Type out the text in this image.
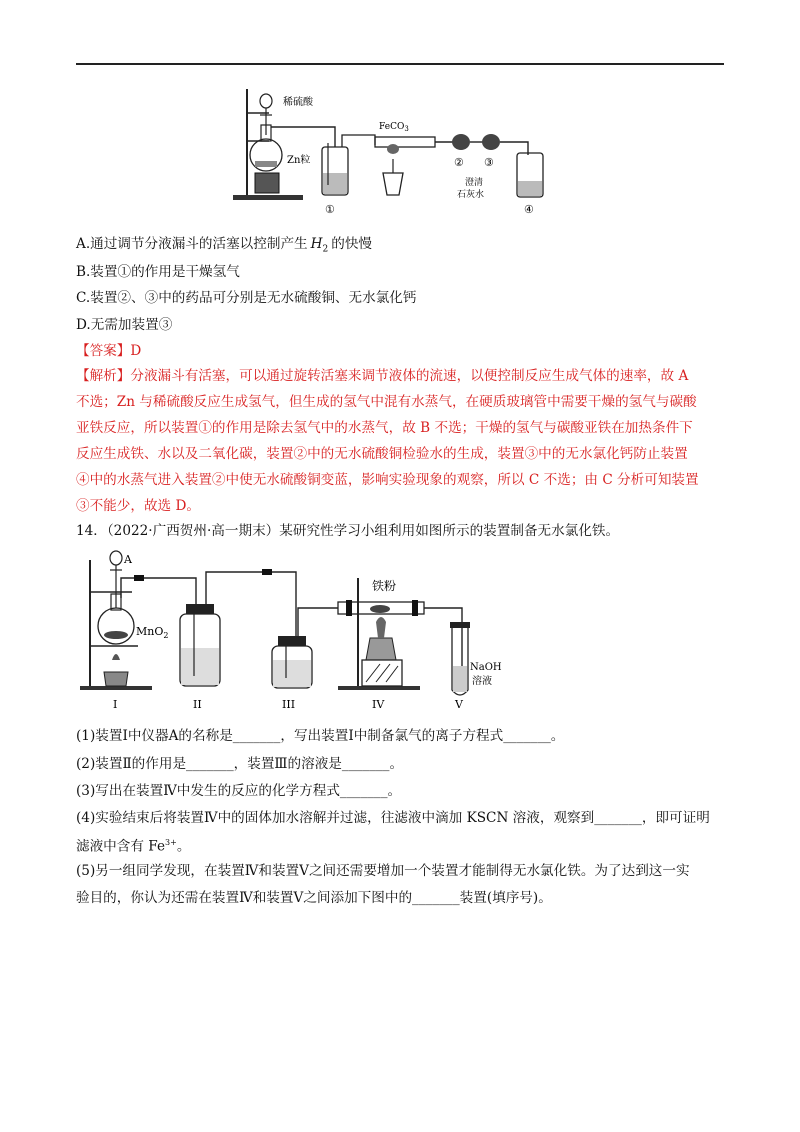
稀硫酸
Zn粒
FeCO$_3$
澄清
石灰水
①
② ③
④
A.通过调节分液漏斗的活塞以控制产生 $H_2$ 的快慢
B.装置①的作用是干燥氢气
C.装置②、③中的药品可分别是无水硫酸铜、无水氯化钙
D.无需加装置③
【答案】D
【解析】分液漏斗有活塞，可以通过旋转活塞来调节液体的流速，以便控制反应生成气体的速率，故 A
不选；Zn 与稀硫酸反应生成氢气，但生成的氢气中混有水蒸气，在硬质玻璃管中需要干燥的氢气与碳酸
亚铁反应，所以装置①的作用是除去氢气中的水蒸气，故 B 不选；干燥的氢气与碳酸亚铁在加热条件下
反应生成铁、水以及二氧化碳，装置②中的无水硫酸铜检验水的生成，装置③中的无水氯化钙防止装置
④中的水蒸气进入装置②中使无水硫酸铜变蓝，影响实验现象的观察，所以 C 不选；由 C 分析可知装置
③不能少，故选 D。
14．（2022·广西贺州·高一期末）某研究性学习小组利用如图所示的装置制备无水氯化铁。
A
MnO$_2$
铁粉
NaOH
溶液
I	II	III	IV	V
(1)装置Ⅰ中仪器A的名称是_______，写出装置Ⅰ中制备氯气的离子方程式_______。
(2)装置Ⅱ的作用是_______，装置Ⅲ的溶液是_______。
(3)写出在装置Ⅳ中发生的反应的化学方程式_______。
(4)实验结束后将装置Ⅳ中的固体加水溶解并过滤，往滤液中滴加 KSCN 溶液，观察到_______，即可证明
滤液中含有 $Fe^{3+}$。
(5)另一组同学发现，在装置Ⅳ和装置Ⅴ之间还需要增加一个装置才能制得无水氯化铁。为了达到这一实
验目的，你认为还需在装置Ⅳ和装置Ⅴ之间添加下图中的_______装置(填序号)。
